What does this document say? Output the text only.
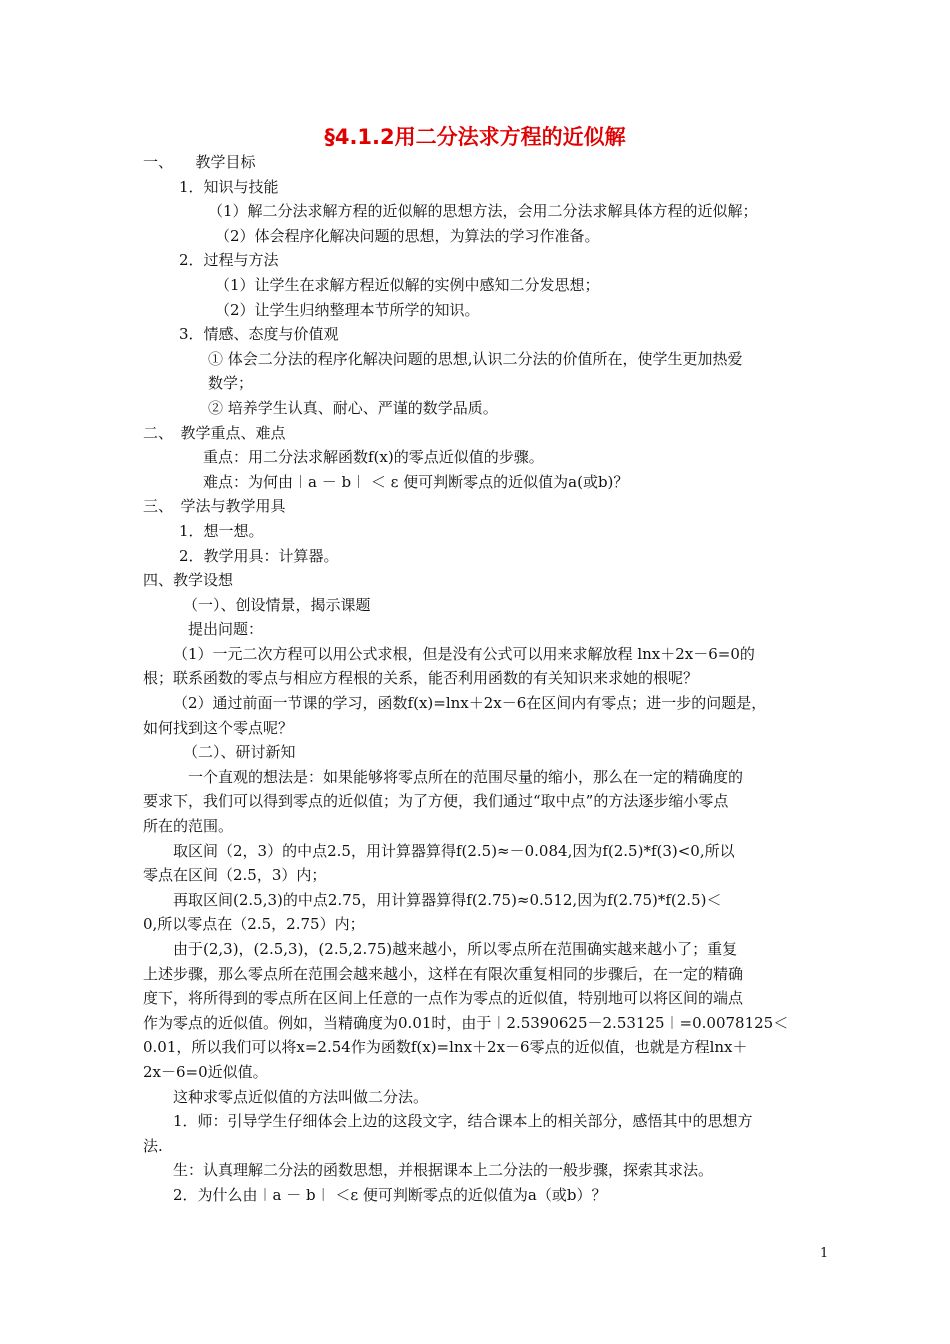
§4.1.2用二分法求方程的近似解
一、　　教学目标
1．知识与技能
（1）解二分法求解方程的近似解的思想方法，会用二分法求解具体方程的近似解；
（2）体会程序化解决问题的思想，为算法的学习作准备。
2．过程与方法
（1）让学生在求解方程近似解的实例中感知二分发思想；
（2）让学生归纳整理本节所学的知识。
3．情感、态度与价值观
① 体会二分法的程序化解决问题的思想,认识二分法的价值所在，使学生更加热爱
数学；
② 培养学生认真、耐心、严谨的数学品质。
二、　教学重点、难点
重点：用二分法求解函数f(x)的零点近似值的步骤。
难点：为何由︱a － b︱ ＜ ε 便可判断零点的近似值为a(或b)？
三、　学法与教学用具
1．想一想。
2．教学用具：计算器。
四、教学设想
（一）、创设情景，揭示课题
提出问题：
（1）一元二次方程可以用公式求根，但是没有公式可以用来求解放程 lnx＋2x－6=0的
根；联系函数的零点与相应方程根的关系，能否利用函数的有关知识来求她的根呢？
（2）通过前面一节课的学习，函数f(x)=lnx＋2x－6在区间内有零点；进一步的问题是，
如何找到这个零点呢？
（二）、研讨新知
一个直观的想法是：如果能够将零点所在的范围尽量的缩小，那么在一定的精确度的
要求下，我们可以得到零点的近似值；为了方便，我们通过“取中点”的方法逐步缩小零点
所在的范围。
取区间（2，3）的中点2.5，用计算器算得f(2.5)≈－0.084,因为f(2.5)*f(3)<0,所以
零点在区间（2.5，3）内；
再取区间(2.5,3)的中点2.75，用计算器算得f(2.75)≈0.512,因为f(2.75)*f(2.5)＜
0,所以零点在（2.5，2.75）内；
由于(2,3)，(2.5,3)，(2.5,2.75)越来越小，所以零点所在范围确实越来越小了；重复
上述步骤，那么零点所在范围会越来越小，这样在有限次重复相同的步骤后，在一定的精确
度下，将所得到的零点所在区间上任意的一点作为零点的近似值，特别地可以将区间的端点
作为零点的近似值。例如，当精确度为0.01时，由于︱2.5390625－2.53125︱=0.0078125＜
0.01，所以我们可以将x=2.54作为函数f(x)=lnx＋2x－6零点的近似值，也就是方程lnx＋
2x－6=0近似值。
这种求零点近似值的方法叫做二分法。
1．师：引导学生仔细体会上边的这段文字，结合课本上的相关部分，感悟其中的思想方
法.
生：认真理解二分法的函数思想，并根据课本上二分法的一般步骤，探索其求法。
2．为什么由︱a － b︱ ＜ε 便可判断零点的近似值为a（或b）？
1
